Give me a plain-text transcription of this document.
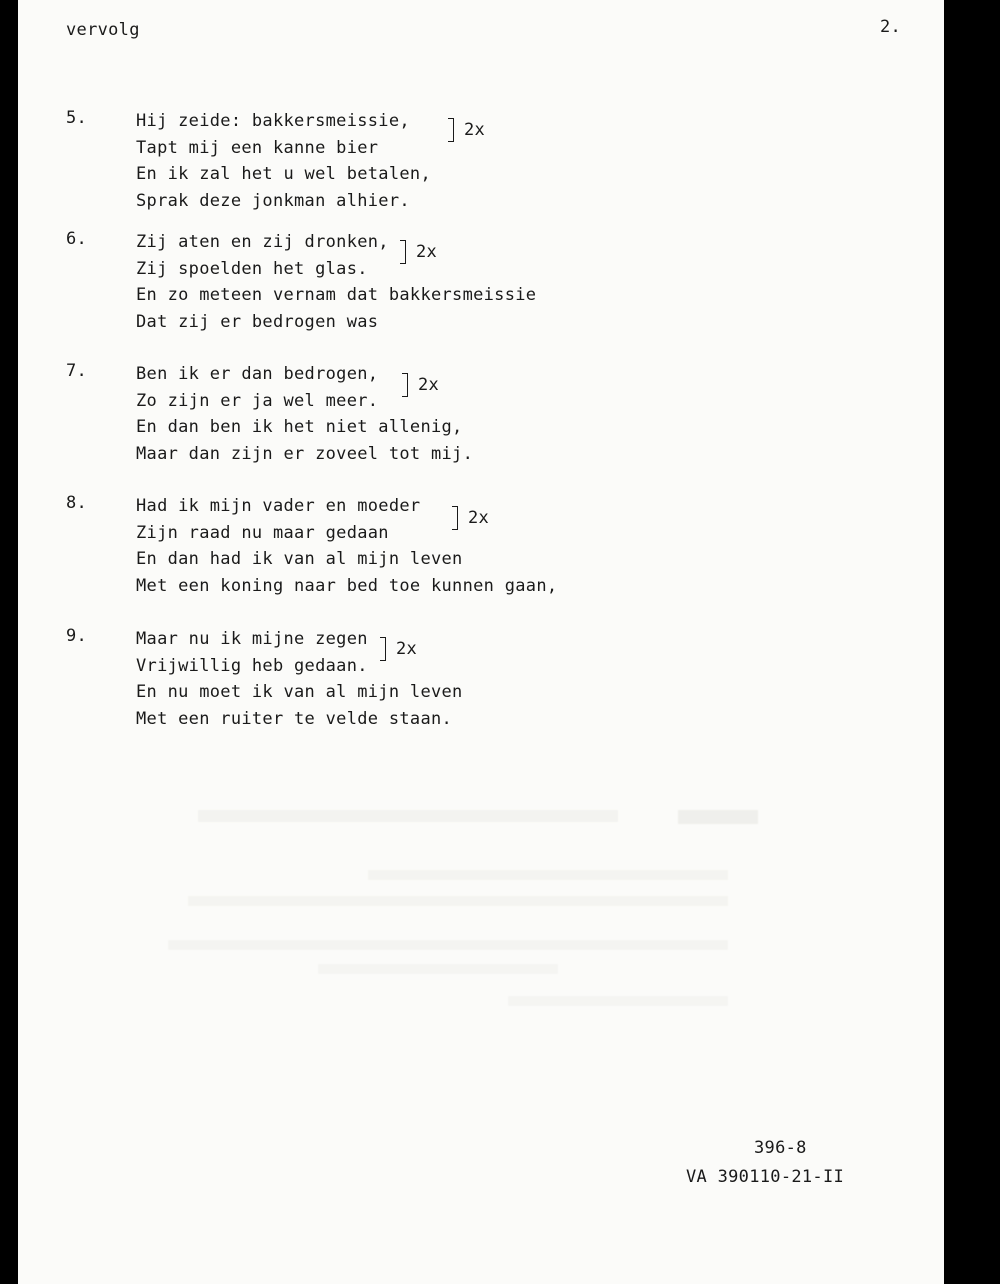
vervolg	2.
5.	Hij zeide: bakkersmeissie,
Tapt mij een kanne bier
En ik zal het u wel betalen,
Sprak deze jonkman alhier.
2x
6.	Zij aten en zij dronken,
Zij spoelden het glas.
En zo meteen vernam dat bakkersmeissie
Dat zij er bedrogen was
2x
7.	Ben ik er dan bedrogen,
Zo zijn er ja wel meer.
En dan ben ik het niet allenig,
Maar dan zijn er zoveel tot mij.
2x
8.	Had ik mijn vader en moeder
Zijn raad nu maar gedaan
En dan had ik van al mijn leven
Met een koning naar bed toe kunnen gaan,
2x
9.	Maar nu ik mijne zegen
Vrijwillig heb gedaan.
En nu moet ik van al mijn leven
Met een ruiter te velde staan.
2x
396-8
VA 390110-21-II
